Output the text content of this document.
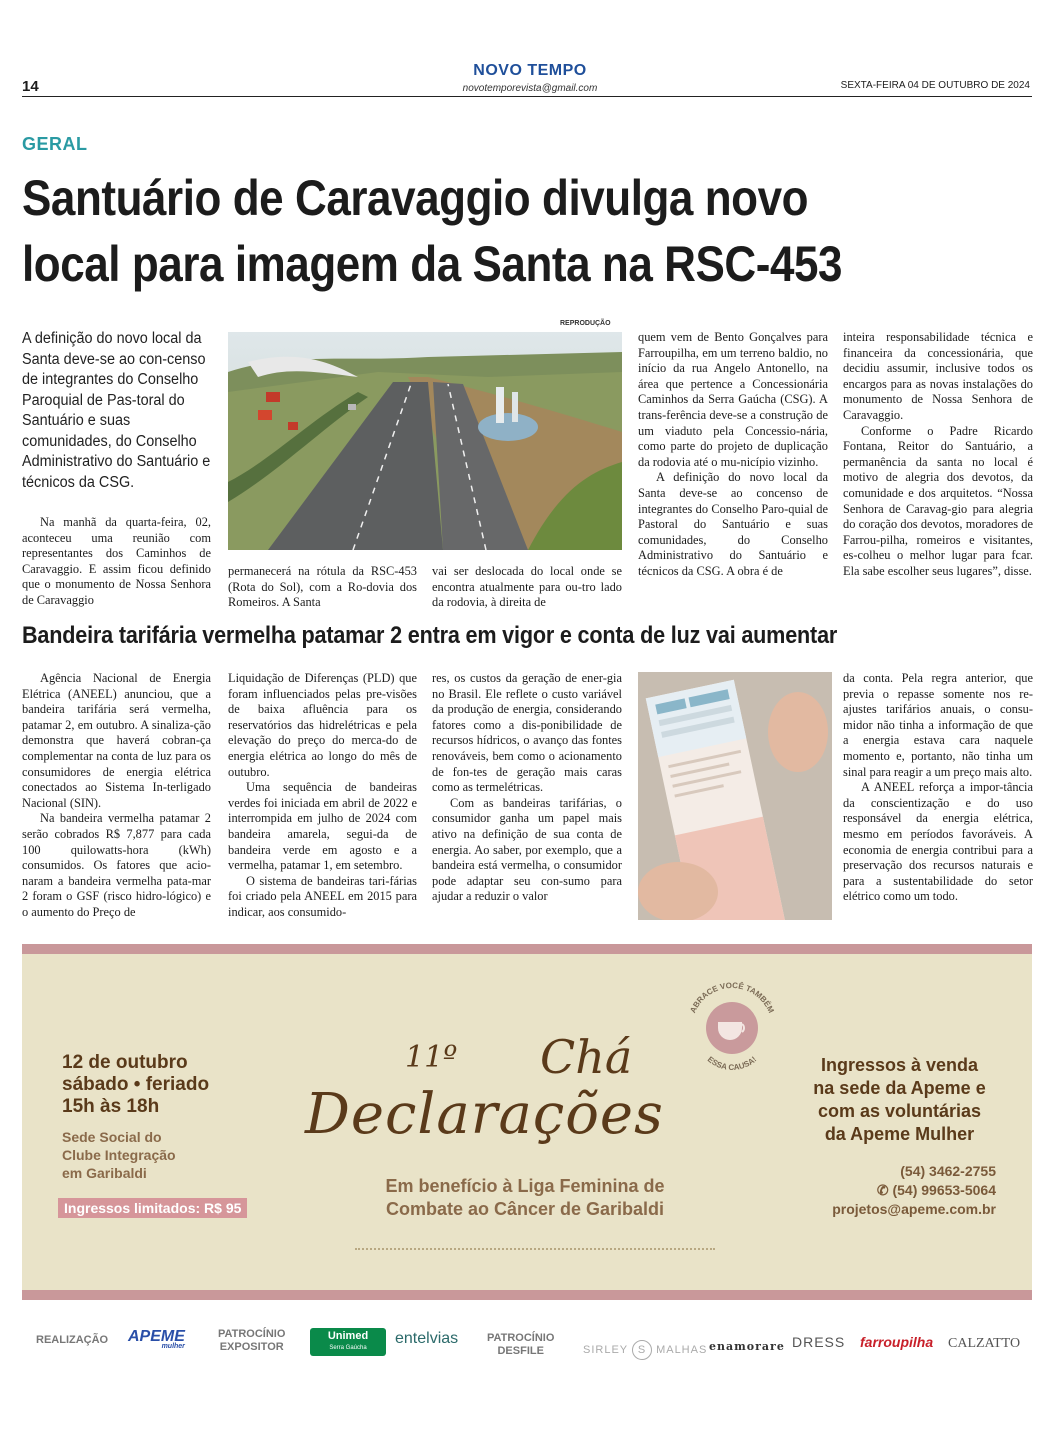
14
NOVO TEMPO
novotemporevista@gmail.com	SEXTA-FEIRA 04 DE OUTUBRO DE 2024
GERAL
Santuário de Caravaggio divulga novo
local para imagem da Santa na RSC-453
A definição do novo local da Santa deve-se ao con-censo de integrantes do Conselho Paroquial de Pas-toral do Santuário e suas comunidades, do Conselho Administrativo do Santuário e técnicos da CSG.

Na manhã da quarta-feira, 02, aconteceu uma reunião com representantes dos Caminhos de Caravaggio. E assim ficou definido que o monumento de Nossa Senhora de Caravaggio

REPRODUÇÃO

permanecerá na rótula da RSC-453 (Rota do Sol), com a Ro-dovia dos Romeiros. A Santa

vai ser deslocada do local onde se encontra atualmente para ou-tro lado da rodovia, à direita de

quem vem de Bento Gonçalves para Farroupilha, em um terreno baldio, no início da rua Angelo Antonello, na área que pertence a Concessionária Caminhos da Serra Gaúcha (CSG). A trans-ferência deve-se a construção de um viaduto pela Concessio-nária, como parte do projeto de duplicação da rodovia até o mu-nicípio vizinho.

A definição do novo local da Santa deve-se ao concenso de integrantes do Conselho Paro-quial de Pastoral do Santuário e suas comunidades, do Conselho Administrativo do Santuário e técnicos da CSG. A obra é de

inteira responsabilidade técnica e financeira da concessionária, que decidiu assumir, inclusive todos os encargos para as novas instalações do monumento de Nossa Senhora de Caravaggio.

Conforme o Padre Ricardo Fontana, Reitor do Santuário, a permanência da santa no local é motivo de alegria dos devotos, da comunidade e dos arquitetos. “Nossa Senhora de Caravag-gio para alegria do coração dos devotos, moradores de Farrou-pilha, romeiros e visitantes, es-colheu o melhor lugar para fcar. Ela sabe escolher seus lugares”, disse.

Bandeira tarifária vermelha patamar 2 entra em vigor e conta de luz vai aumentar

Agência Nacional de Energia Elétrica (ANEEL) anunciou, que a bandeira tarifária será vermelha, patamar 2, em outubro. A sinaliza-ção demonstra que haverá cobran-ça complementar na conta de luz para os consumidores de energia elétrica conectados ao Sistema In-terligado Nacional (SIN).

Na bandeira vermelha patamar 2 serão cobrados R$ 7,877 para cada 100 quilowatts-hora (kWh) consumidos. Os fatores que acio-naram a bandeira vermelha pata-mar 2 foram o GSF (risco hidro-lógico) e o aumento do Preço de

Liquidação de Diferenças (PLD) que foram influenciados pelas pre-visões de baixa afluência para os reservatórios das hidrelétricas e pela elevação do preço do merca-do de energia elétrica ao longo do mês de outubro.

Uma sequência de bandeiras verdes foi iniciada em abril de 2022 e interrompida em julho de 2024 com bandeira amarela, segui-da de bandeira verde em agosto e a vermelha, patamar 1, em setembro.

O sistema de bandeiras tari-fárias foi criado pela ANEEL em 2015 para indicar, aos consumido-

res, os custos da geração de ener-gia no Brasil. Ele reflete o custo variável da produção de energia, considerando fatores como a dis-ponibilidade de recursos hídricos, o avanço das fontes renováveis, bem como o acionamento de fon-tes de geração mais caras como as termelétricas.

Com as bandeiras tarifárias, o consumidor ganha um papel mais ativo na definição de sua conta de energia. Ao saber, por exemplo, que a bandeira está vermelha, o consumidor pode adaptar seu con-sumo para ajudar a reduzir o valor

da conta. Pela regra anterior, que previa o repasse somente nos re-ajustes tarifários anuais, o consu-midor não tinha a informação de que a energia estava cara naquele momento e, portanto, não tinha um sinal para reagir a um preço mais alto.

A ANEEL reforça a impor-tância da conscientização e do uso responsável da energia elétrica, mesmo em períodos favoráveis. A economia de energia contribui para a preservação dos recursos naturais e para a sustentabilidade do setor elétrico como um todo.

12 de outubro
sábado • feriado
15h às 18h
Sede Social do
Clube Integração
em Garibaldi
Ingressos limitados: R$ 95
11º Chá
Declarações
ABRACE VOCÊ TAMBÉM
ESSA CAUSA!
Em benefício à Liga Feminina de
Combate ao Câncer de Garibaldi
Ingressos à venda
na sede da Apeme e
com as voluntárias
da Apeme Mulher
(54) 3462-2755
✆ (54) 99653-5064
projetos@apeme.com.br
REALIZAÇÃO APEME
mulher
PATROCÍNIO
EXPOSITOR
Unimed
Serra Gaúcha
entelvias	PATROCÍNIO
DESFILE	SIRLEY S MALHAS enamorare DRESS farroupilha CALZATTO
